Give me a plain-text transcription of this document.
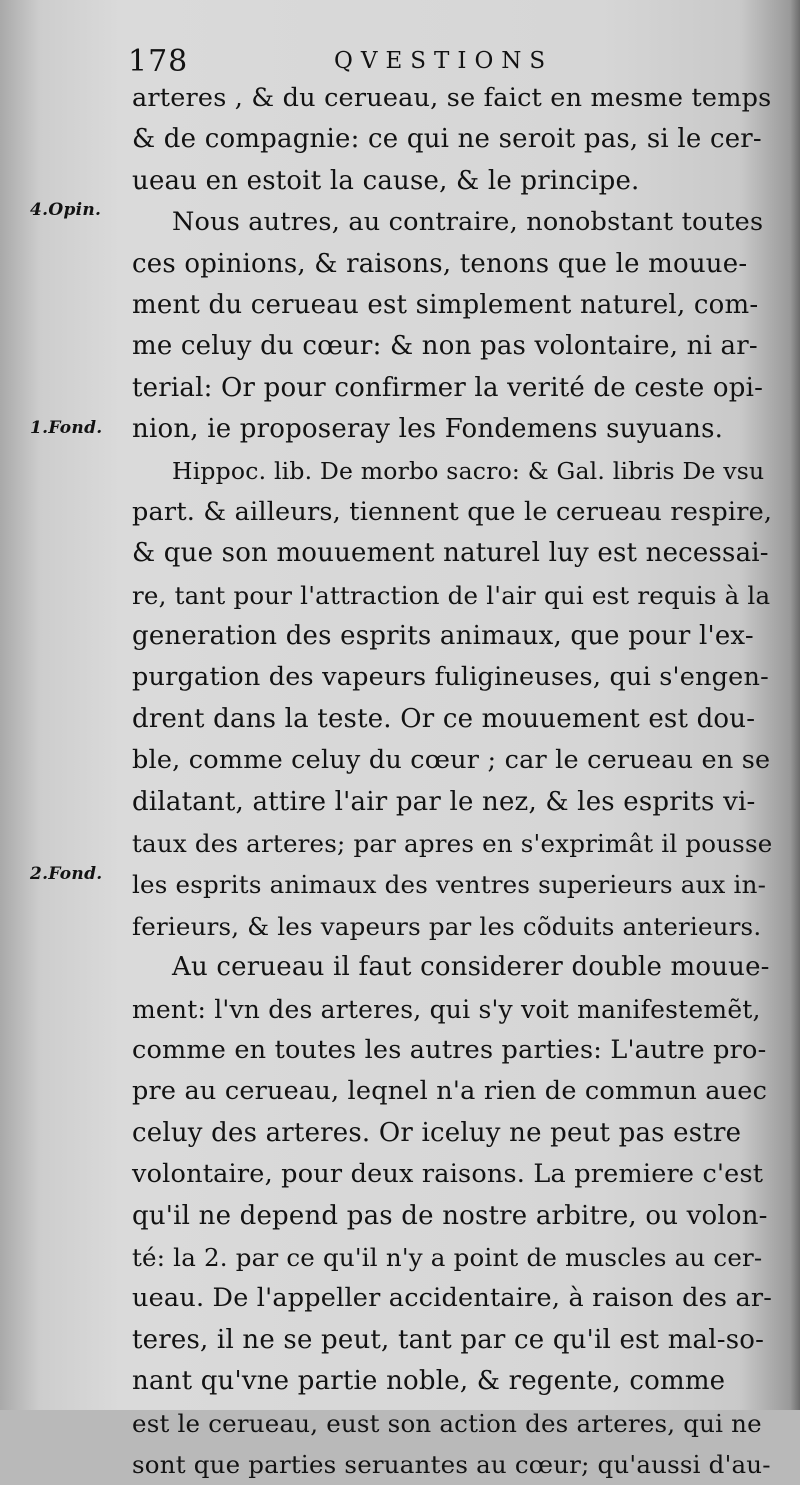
178	QVESTIONS
4.Opin.
1.Fond.
2.Fond.
arteres , & du cerueau, se faict en mesme temps
& de compagnie: ce qui ne seroit pas, si le cer-
ueau en estoit la cause, & le principe.
Nous autres, au contraire, nonobstant toutes
ces opinions, & raisons, tenons que le mouue-
ment du cerueau est simplement naturel, com-
me celuy du cœur: & non pas volontaire, ni ar-
terial: Or pour confirmer la verité de ceste opi-
nion, ie proposeray les Fondemens suyuans.
Hippoc. lib. De morbo sacro: & Gal. libris De vsu
part. & ailleurs, tiennent que le cerueau respire,
& que son mouuement naturel luy est necessai-
re, tant pour l'attraction de l'air qui est requis à la
generation des esprits animaux, que pour l'ex-
purgation des vapeurs fuligineuses, qui s'engen-
drent dans la teste. Or ce mouuement est dou-
ble, comme celuy du cœur ; car le cerueau en se
dilatant, attire l'air par le nez, & les esprits vi-
taux des arteres; par apres en s'exprimât il pousse
les esprits animaux des ventres superieurs aux in-
ferieurs, & les vapeurs par les cõduits anterieurs.
Au cerueau il faut considerer double mouue-
ment: l'vn des arteres, qui s'y voit manifestemẽt,
comme en toutes les autres parties: L'autre pro-
pre au cerueau, leqnel n'a rien de commun auec
celuy des arteres. Or iceluy ne peut pas estre
volontaire, pour deux raisons. La premiere c'est
qu'il ne depend pas de nostre arbitre, ou volon-
té: la 2. par ce qu'il n'y a point de muscles au cer-
ueau. De l'appeller accidentaire, à raison des ar-
teres, il ne se peut, tant par ce qu'il est mal-so-
nant qu'vne partie noble, & regente, comme
est le cerueau, eust son action des arteres, qui ne
sont que parties seruantes au cœur; qu'aussi d'au-
